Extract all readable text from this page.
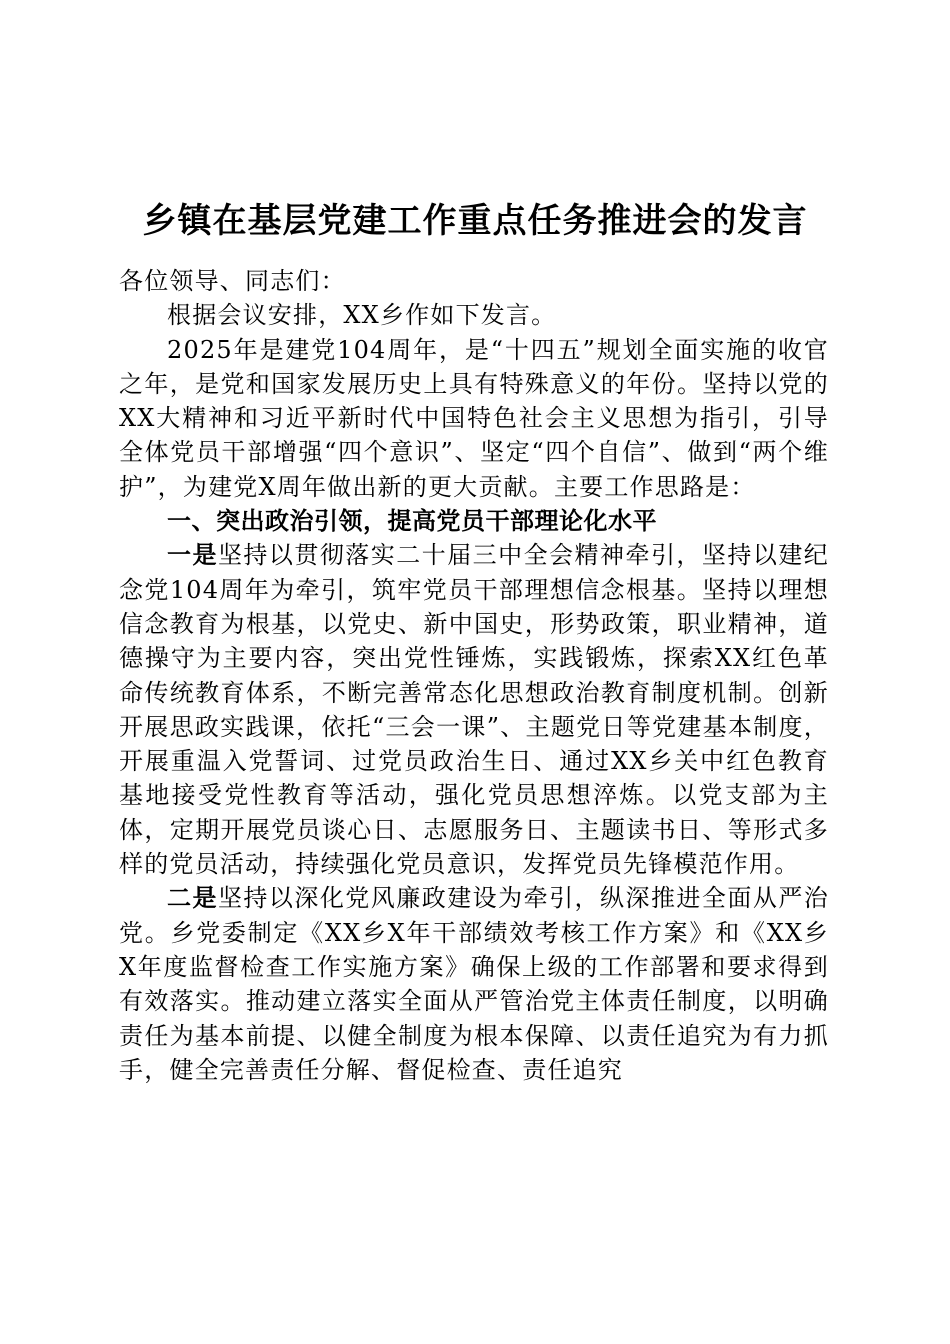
乡镇在基层党建工作重点任务推进会的发言

各位领导、同志们：

根据会议安排，XX乡作如下发言。

2025年是建党104周年，是“十四五”规划全面实施的收官之年，是党和国家发展历史上具有特殊意义的年份。坚持以党的XX大精神和习近平新时代中国特色社会主义思想为指引，引导全体党员干部增强“四个意识”、坚定“四个自信”、做到“两个维护”，为建党X周年做出新的更大贡献。主要工作思路是：

一、突出政治引领，提高党员干部理论化水平

一是坚持以贯彻落实二十届三中全会精神牵引，坚持以建纪念党104周年为牵引，筑牢党员干部理想信念根基。坚持以理想信念教育为根基，以党史、新中国史，形势政策，职业精神，道德操守为主要内容，突出党性锤炼，实践锻炼，探索XX红色革命传统教育体系，不断完善常态化思想政治教育制度机制。创新开展思政实践课，依托“三会一课”、主题党日等党建基本制度，开展重温入党誓词、过党员政治生日、通过XX乡关中红色教育基地接受党性教育等活动，强化党员思想淬炼。以党支部为主体，定期开展党员谈心日、志愿服务日、主题读书日、等形式多样的党员活动，持续强化党员意识，发挥党员先锋模范作用。

二是坚持以深化党风廉政建设为牵引，纵深推进全面从严治党。乡党委制定《XX乡X年干部绩效考核工作方案》和《XX乡X年度监督检查工作实施方案》确保上级的工作部署和要求得到有效落实。推动建立落实全面从严管治党主体责任制度，以明确责任为基本前提、以健全制度为根本保障、以责任追究为有力抓手，健全完善责任分解、督促检查、责任追究
